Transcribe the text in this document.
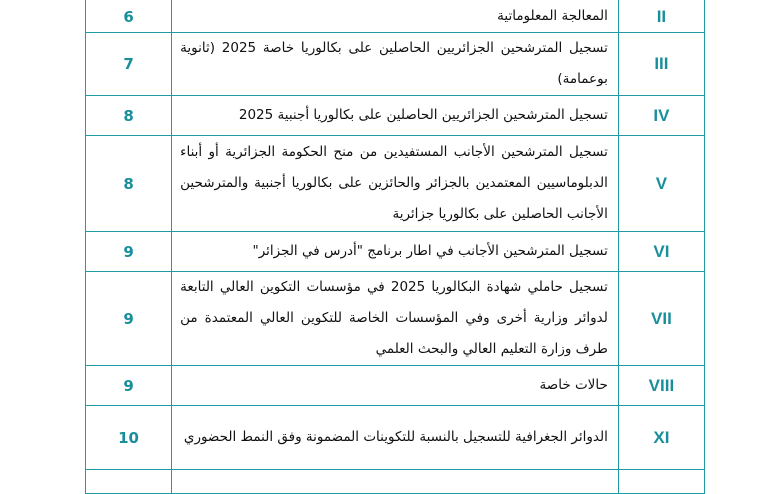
6	المعالجة المعلوماتية	II
7	تسجيل المترشحين الجزائريين الحاصلين على بكالوريا خاصة 2025 (ثانوية بوعمامة)	III
8	تسجيل المترشحين الجزائريين الحاصلين على بكالوريا أجنبية 2025	IV
8	تسجيل المترشحين الأجانب المستفيدين من منح الحكومة الجزائرية أو أبناء الدبلوماسيين المعتمدين بالجزائر والحائزين على بكالوريا أجنبية والمترشحين الأجانب الحاصلين على بكالوريا جزائرية	V
9	تسجيل المترشحين الأجانب في اطار برنامج "أدرس في الجزائر"	VI
9	تسجيل حاملي شهادة البكالوريا 2025 في مؤسسات التكوين العالي التابعة لدوائر وزارية أخرى وفي المؤسسات الخاصة للتكوين العالي المعتمدة من طرف وزارة التعليم العالي والبحث العلمي	VII
9	حالات خاصة	VIII
10	الدوائر الجغرافية للتسجيل بالنسبة للتكوينات المضمونة وفق النمط الحضوري	XI
